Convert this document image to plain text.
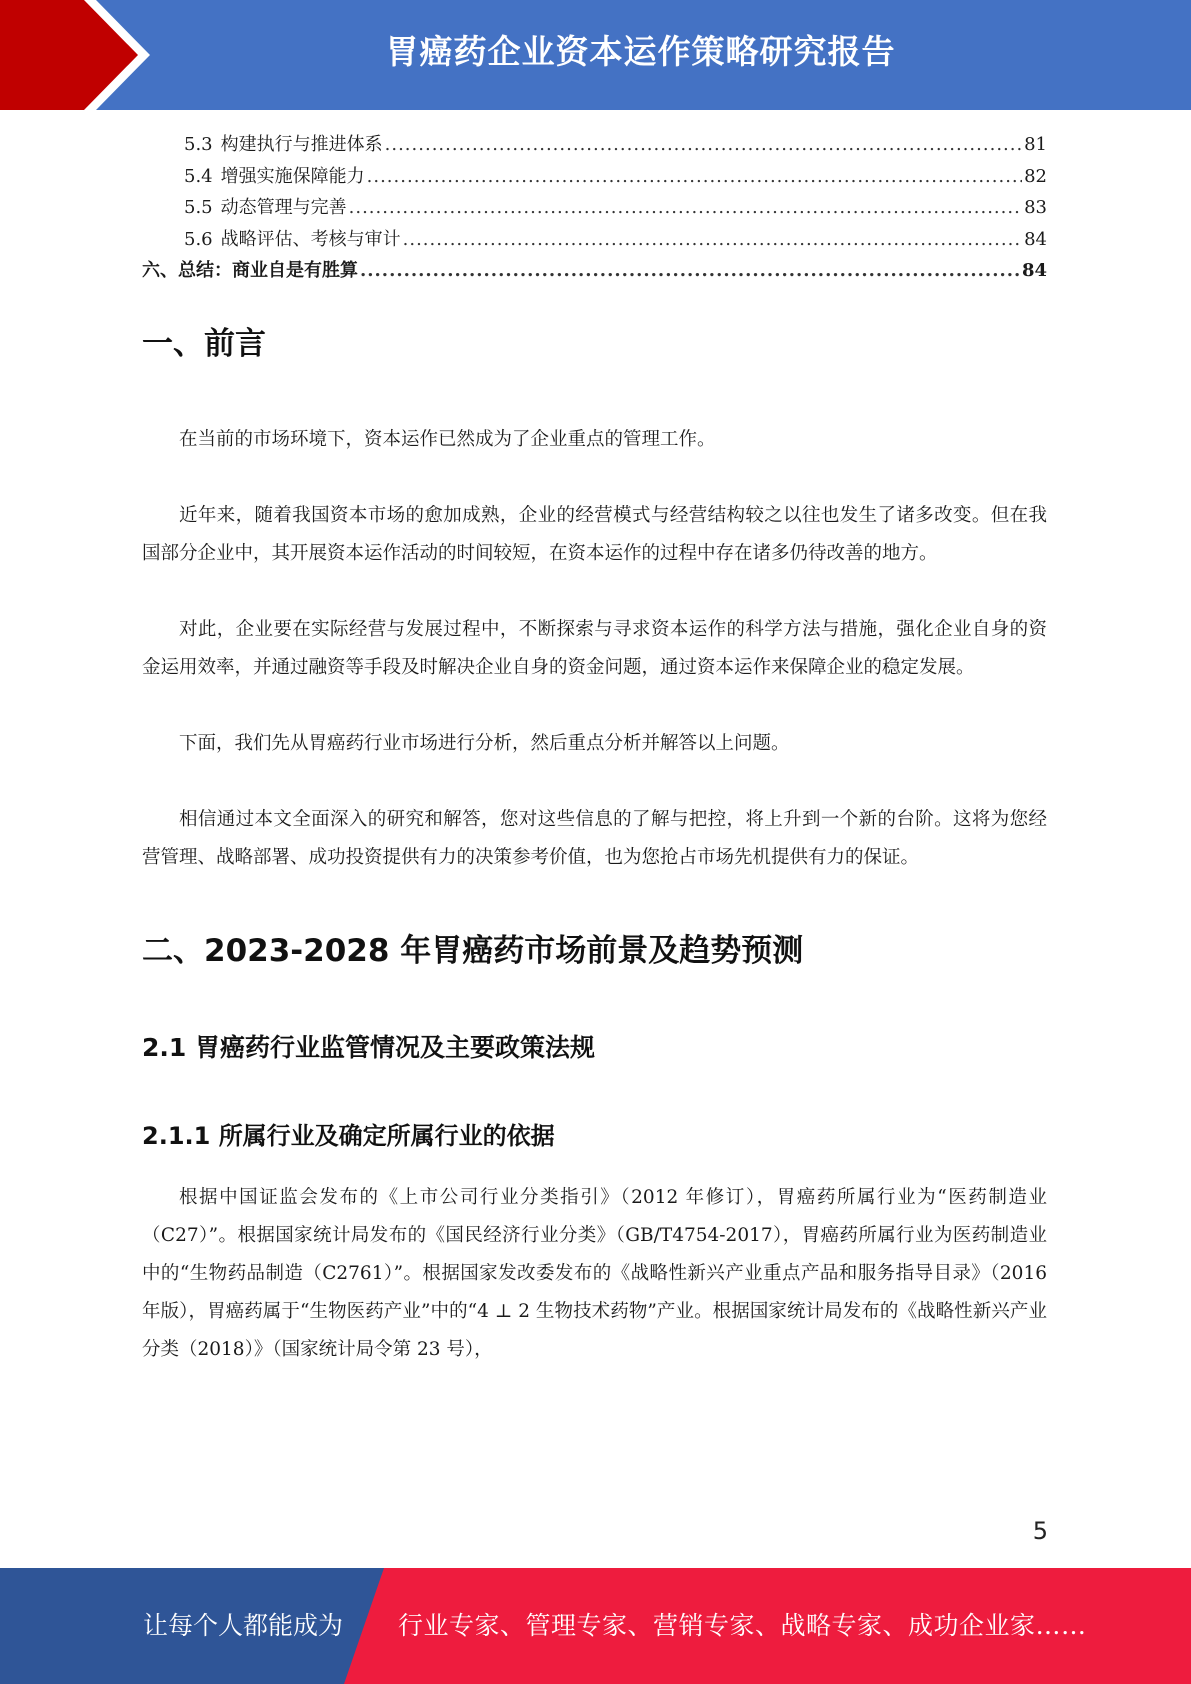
胃癌药企业资本运作策略研究报告
5.3 构建执行与推进体系 .....	81
5.4 增强实施保障能力 .....	82
5.5 动态管理与完善 .....	83
5.6 战略评估、考核与审计 .....	84
六、总结：商业自是有胜算 .....	84
一、前言

在当前的市场环境下，资本运作已然成为了企业重点的管理工作。

近年来，随着我国资本市场的愈加成熟，企业的经营模式与经营结构较之以往也发生了诸多改变。但在我国部分企业中，其开展资本运作活动的时间较短，在资本运作的过程中存在诸多仍待改善的地方。

对此，企业要在实际经营与发展过程中，不断探索与寻求资本运作的科学方法与措施，强化企业自身的资金运用效率，并通过融资等手段及时解决企业自身的资金问题，通过资本运作来保障企业的稳定发展。

下面，我们先从胃癌药行业市场进行分析，然后重点分析并解答以上问题。

相信通过本文全面深入的研究和解答，您对这些信息的了解与把控，将上升到一个新的台阶。这将为您经营管理、战略部署、成功投资提供有力的决策参考价值，也为您抢占市场先机提供有力的保证。

二、2023-2028 年胃癌药市场前景及趋势预测
2.1 胃癌药行业监管情况及主要政策法规
2.1.1 所属行业及确定所属行业的依据

根据中国证监会发布的《上市公司行业分类指引》（2012 年修订），胃癌药所属行业为“医药制造业（C27）”。根据国家统计局发布的《国民经济行业分类》（GB/T4754-2017），胃癌药所属行业为医药制造业中的“生物药品制造（C2761）”。根据国家发改委发布的《战略性新兴产业重点产品和服务指导目录》（2016 年版），胃癌药属于“生物医药产业”中的“4 ⊥ 2 生物技术药物”产业。根据国家统计局发布的《战略性新兴产业分类（2018）》（国家统计局令第 23 号），

5
让每个人都能成为 行业专家、管理专家、营销专家、战略专家、成功企业家……
